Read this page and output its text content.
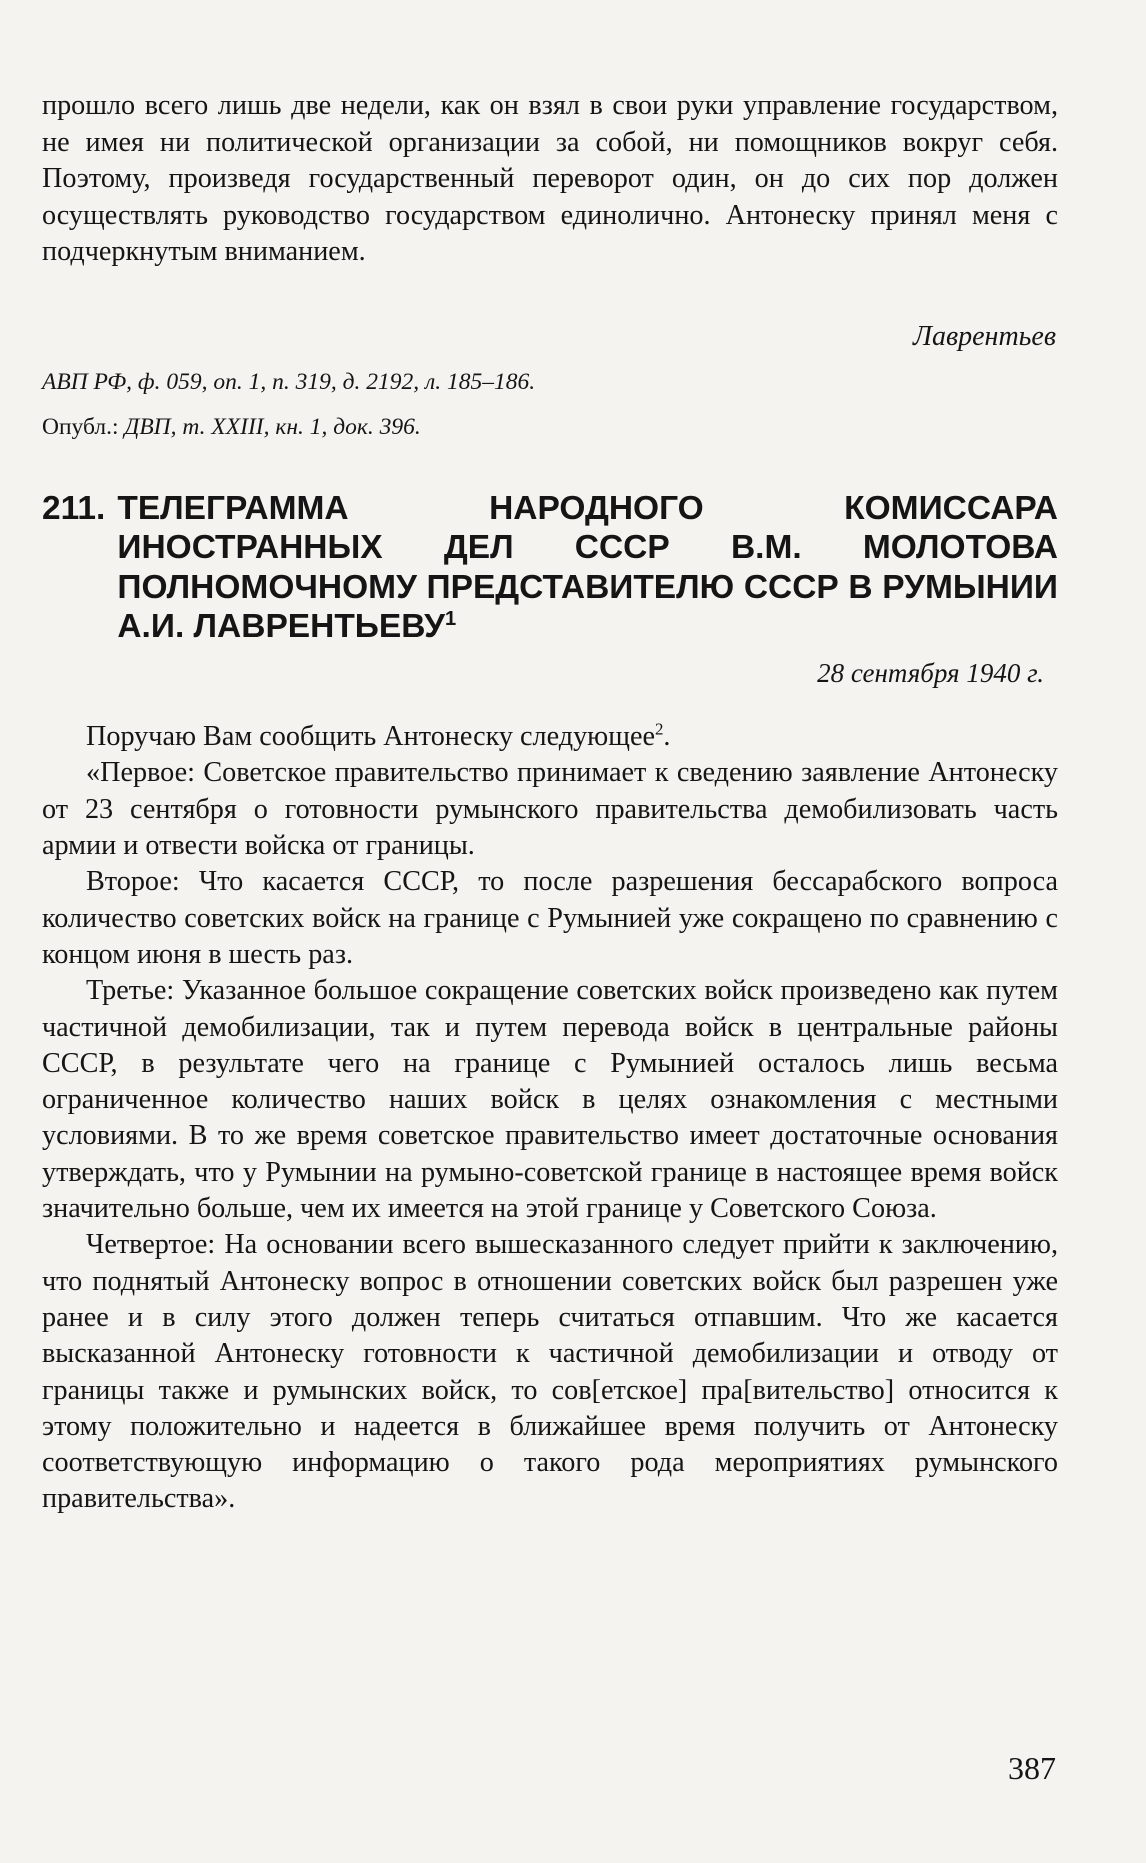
прошло всего лишь две недели, как он взял в свои руки управление государством, не имея ни политической организации за собой, ни помощников вокруг себя. Поэтому, произведя государственный переворот один, он до сих пор должен осуществлять руководство государством единолично. Антонеску принял меня с подчеркнутым вниманием.

Лаврентьев

АВП РФ, ф. 059, оп. 1, п. 319, д. 2192, л. 185–186.

Опубл.: ДВП, т. XXIII, кн. 1, док. 396.

211. ТЕЛЕГРАММА НАРОДНОГО КОМИССАРА ИНОСТРАННЫХ ДЕЛ СССР В.М. МОЛОТОВА ПОЛНОМОЧНОМУ ПРЕДСТАВИТЕЛЮ СССР В РУМЫНИИ А.И. ЛАВРЕНТЬЕВУ$^1$

28 сентября 1940 г.

Поручаю Вам сообщить Антонеску следующее$^2$.

«Первое: Советское правительство принимает к сведению заявление Антонеску от 23 сентября о готовности румынского правительства демобилизовать часть армии и отвести войска от границы.

Второе: Что касается СССР, то после разрешения бессарабского вопроса количество советских войск на границе с Румынией уже сокращено по сравнению с концом июня в шесть раз.

Третье: Указанное большое сокращение советских войск произведено как путем частичной демобилизации, так и путем перевода войск в центральные районы СССР, в результате чего на границе с Румынией осталось лишь весьма ограниченное количество наших войск в целях ознакомления с местными условиями. В то же время советское правительство имеет достаточные основания утверждать, что у Румынии на румыно-советской границе в настоящее время войск значительно больше, чем их имеется на этой границе у Советского Союза.

Четвертое: На основании всего вышесказанного следует прийти к заключению, что поднятый Антонеску вопрос в отношении советских войск был разрешен уже ранее и в силу этого должен теперь считаться отпавшим. Что же касается высказанной Антонеску готовности к частичной демобилизации и отводу от границы также и румынских войск, то сов[етское] пра[вительство] относится к этому положительно и надеется в ближайшее время получить от Антонеску соответствующую информацию о такого рода мероприятиях румынского правительства».

387
